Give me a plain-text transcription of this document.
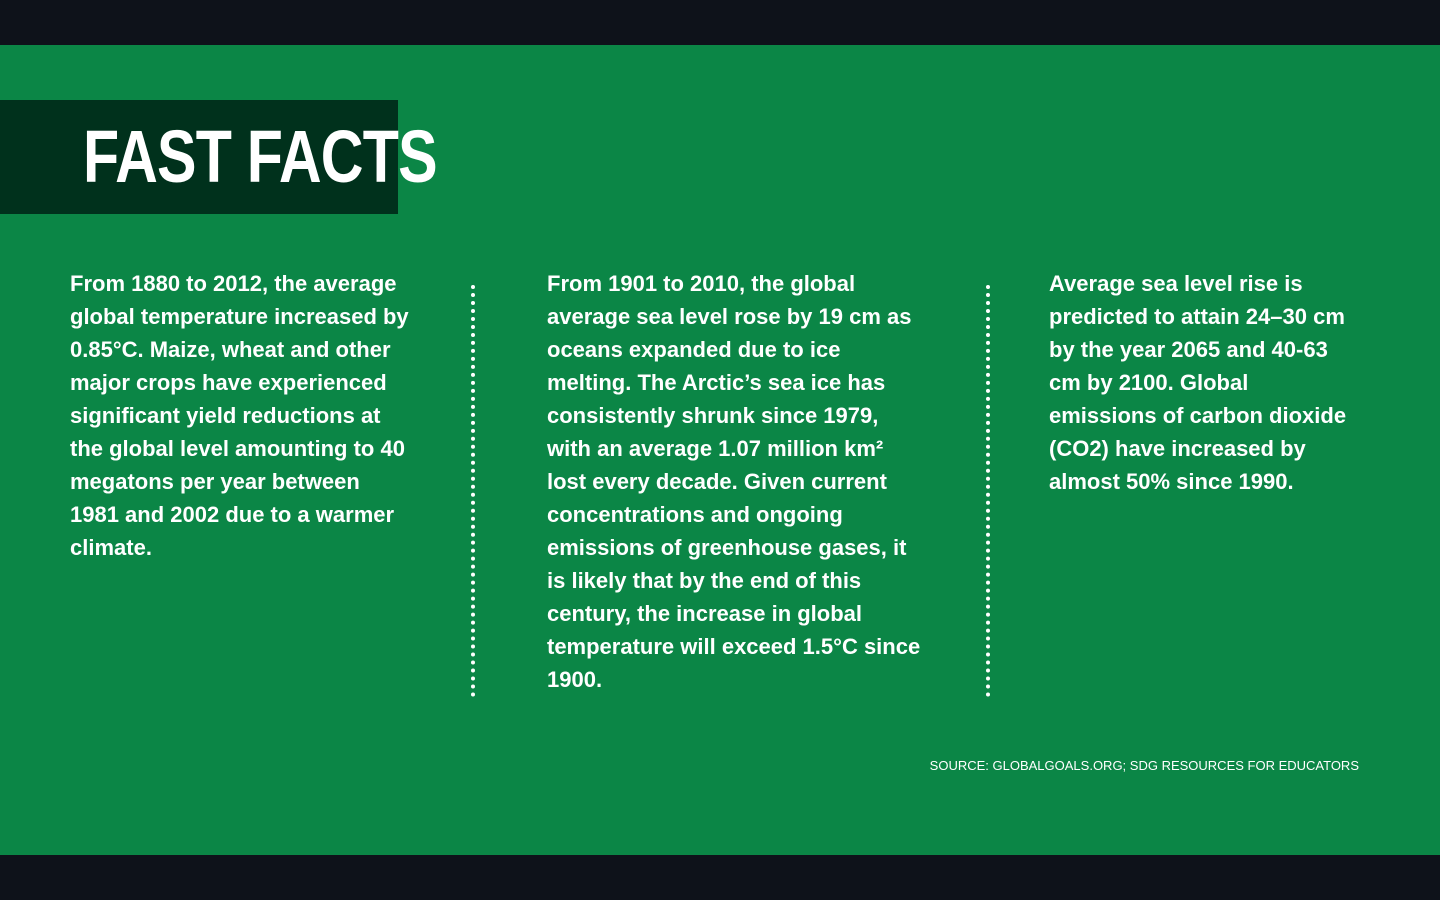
FAST FACTS

From 1880 to 2012, the average global temperature increased by 0.85°C. Maize, wheat and other major crops have experienced significant yield reductions at the global level amounting to 40 megatons per year between 1981 and 2002 due to a warmer climate.

From 1901 to 2010, the global average sea level rose by 19 cm as oceans expanded due to ice melting. The Arctic’s sea ice has consistently shrunk since 1979, with an average 1.07 million km² lost every decade. Given current concentrations and ongoing emissions of greenhouse gases, it is likely that by the end of this century, the increase in global temperature will exceed 1.5°C since 1900.

Average sea level rise is predicted to attain 24–30 cm by the year 2065 and 40-63 cm by 2100. Global emissions of carbon dioxide (CO2) have increased by almost 50% since 1990.

SOURCE: GLOBALGOALS.ORG; SDG RESOURCES FOR EDUCATORS
